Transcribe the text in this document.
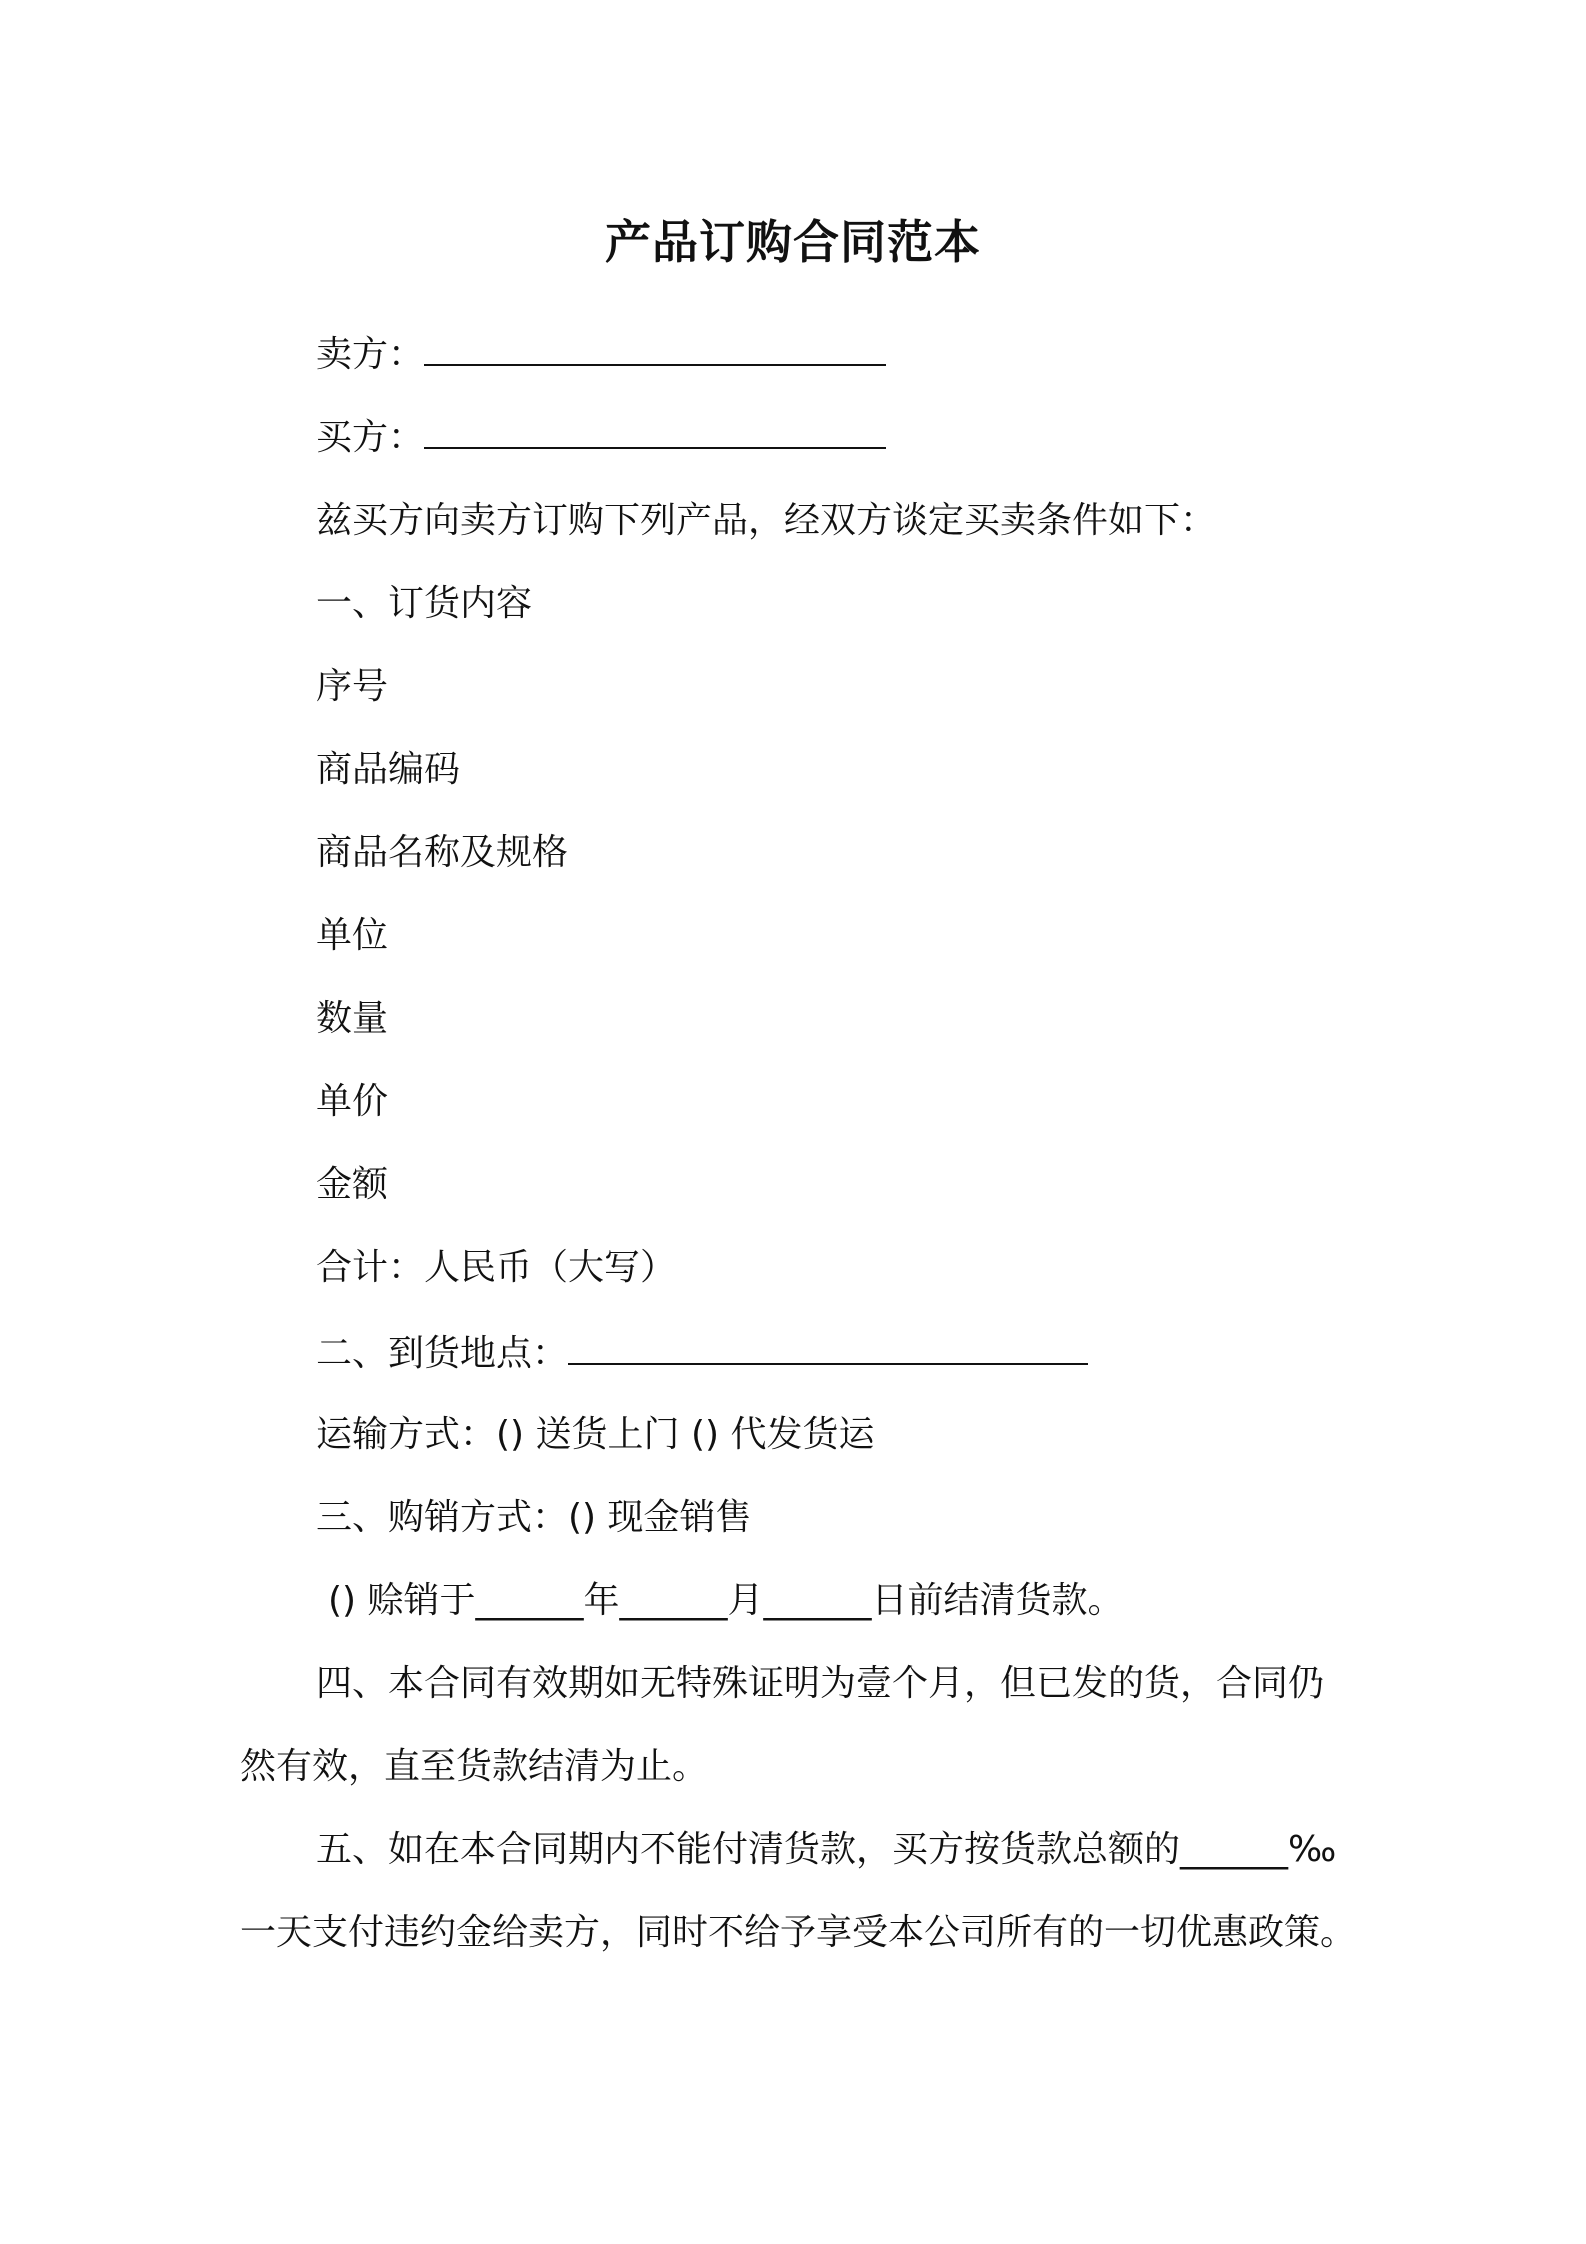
产品订购合同范本
卖方：
买方：
兹买方向卖方订购下列产品，经双方谈定买卖条件如下：
一、订货内容
序号
商品编码
商品名称及规格
单位
数量
单价
金额
合计：人民币（大写）
二、到货地点：
运输方式：() 送货上门 () 代发货运
三、购销方式：() 现金销售
() 赊销于______年______月______日前结清货款。
四、本合同有效期如无特殊证明为壹个月，但已发的货，合同仍
然有效，直至货款结清为止。
五、如在本合同期内不能付清货款，买方按货款总额的______‰
一天支付违约金给卖方，同时不给予享受本公司所有的一切优惠政策。
